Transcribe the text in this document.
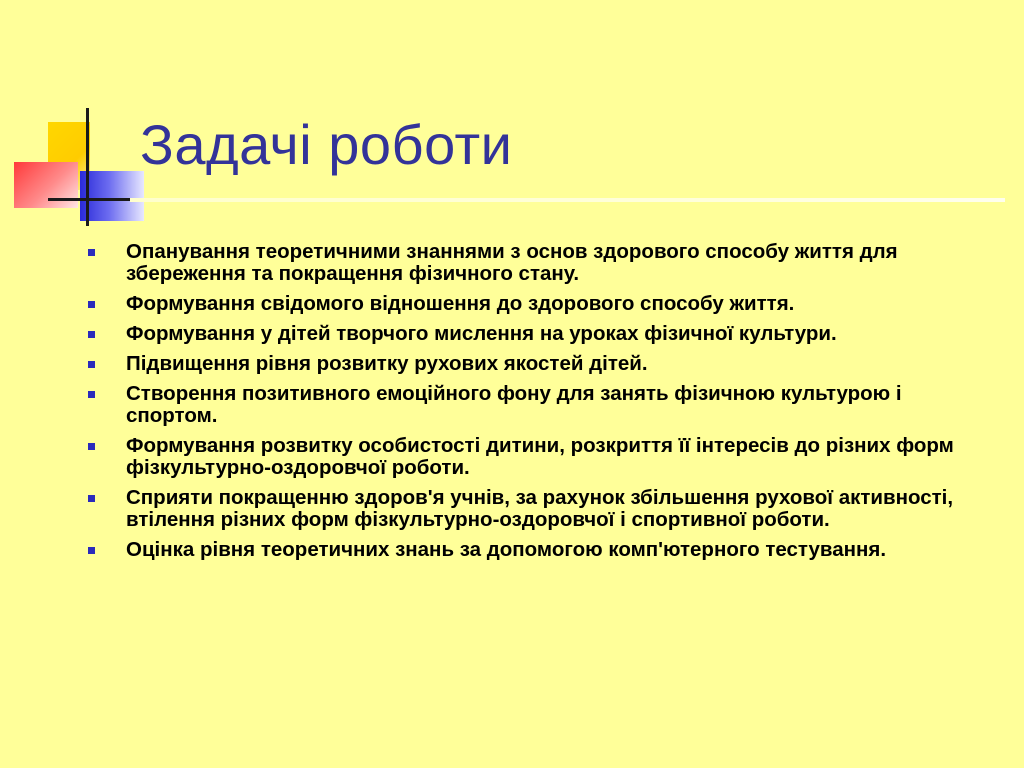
Задачі роботи
Опанування теоретичними знаннями з основ здорового способу життя для збереження та покращення фізичного стану.
Формування свідомого відношення до здорового способу життя.
Формування у дітей творчого мислення на уроках фізичної культури.
Підвищення рівня розвитку рухових якостей дітей.
Створення позитивного емоційного фону для занять фізичною культурою і спортом.
Формування розвитку особистості дитини, розкриття її інтересів до різних форм фізкультурно-оздоровчої роботи.
Сприяти покращенню здоров'я учнів, за рахунок збільшення рухової активності, втілення різних форм фізкультурно-оздоровчої і спортивної роботи.
Оцінка рівня теоретичних знань за допомогою комп'ютерного тестування.
